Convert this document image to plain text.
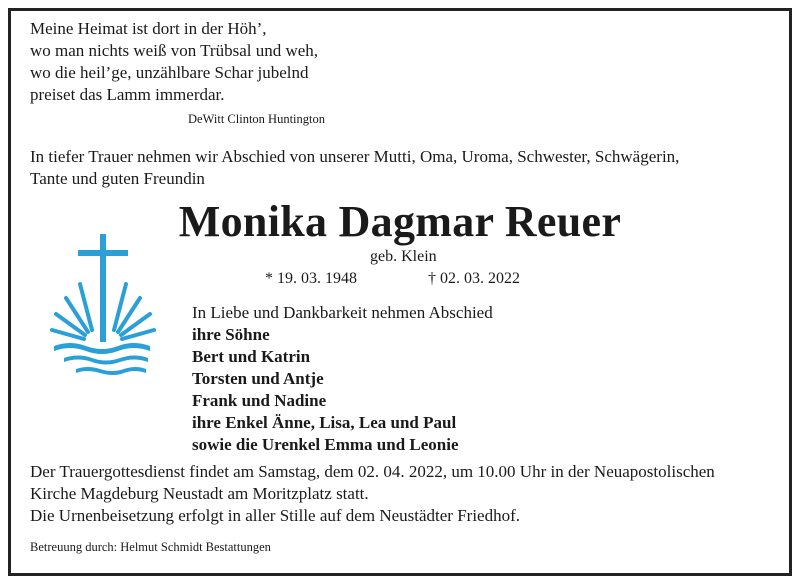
Meine Heimat ist dort in der Höh’,
wo man nichts weiß von Trübsal und weh,
wo die heil’ge, unzählbare Schar jubelnd
preiset das Lamm immerdar.
DeWitt Clinton Huntington
In tiefer Trauer nehmen wir Abschied von unserer Mutti, Oma, Uroma, Schwester, Schwägerin,
Tante und guten Freundin
Monika Dagmar Reuer
geb. Klein
* 19. 03. 1948	† 02. 03. 2022
In Liebe und Dankbarkeit nehmen Abschied
ihre Söhne
Bert und Katrin
Torsten und Antje
Frank und Nadine
ihre Enkel Änne, Lisa, Lea und Paul
sowie die Urenkel Emma und Leonie
Der Trauergottesdienst findet am Samstag, dem 02. 04. 2022, um 10.00 Uhr in der Neuapostolischen
Kirche Magdeburg Neustadt am Moritzplatz statt.
Die Urnenbeisetzung erfolgt in aller Stille auf dem Neustädter Friedhof.
Betreuung durch: Helmut Schmidt Bestattungen
